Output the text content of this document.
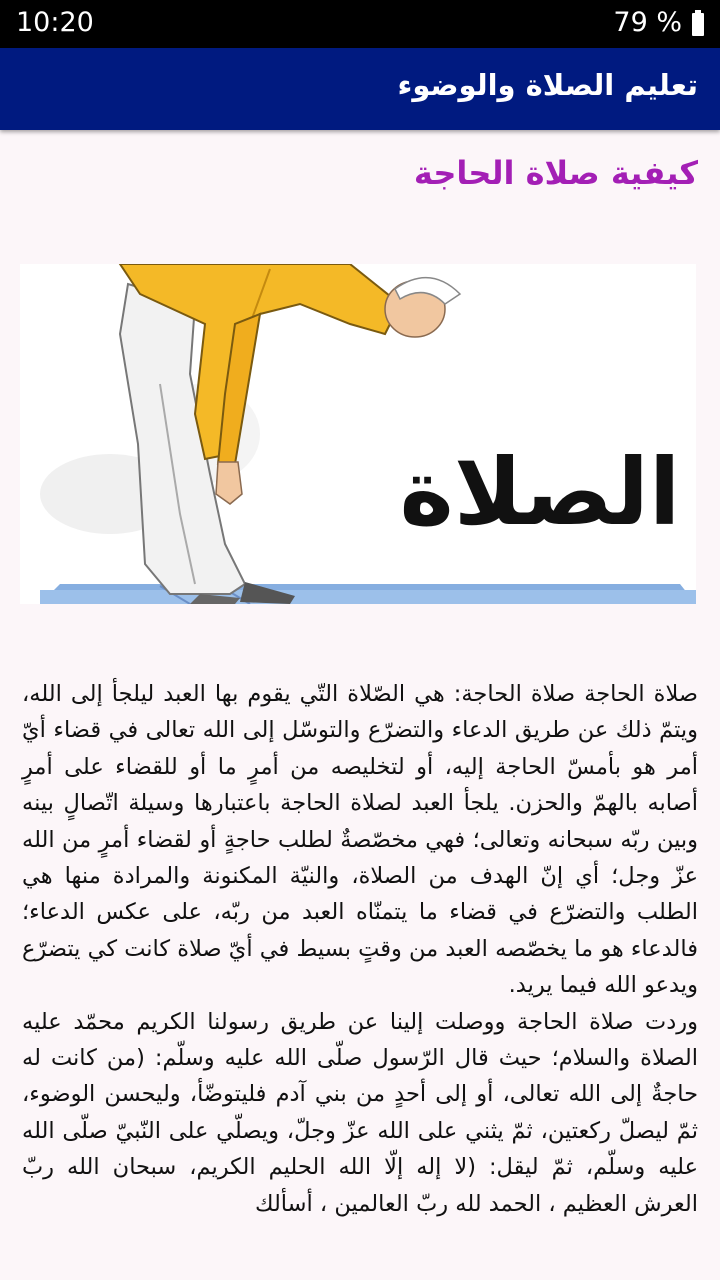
10:20	79 %
تعليم الصلاة والوضوء
كيفية صلاة الحاجة
الصلاة

صلاة الحاجة صلاة الحاجة: هي الصّلاة التّي يقوم بها العبد ليلجأ إلى الله، ويتمّ ذلك عن طريق الدعاء والتضرّع والتوسّل إلى الله تعالى في قضاء أيّ أمر هو بأمسّ الحاجة إليه، أو لتخليصه من أمرٍ ما أو للقضاء على أمرٍ أصابه بالهمّ والحزن. يلجأ العبد لصلاة الحاجة باعتبارها وسيلة اتّصالٍ بينه وبين ربّه سبحانه وتعالى؛ فهي مخصّصةٌ لطلب حاجةٍ أو لقضاء أمرٍ من الله عزّ وجل؛ أي إنّ الهدف من الصلاة، والنيّة المكنونة والمرادة منها هي الطلب والتضرّع في قضاء ما يتمنّاه العبد من ربّه، على عكس الدعاء؛ فالدعاء هو ما يخصّصه العبد من وقتٍ بسيط في أيّ صلاة كانت كي يتضرّع ويدعو الله فيما يريد.

وردت صلاة الحاجة ووصلت إلينا عن طريق رسولنا الكريم محمّد عليه الصلاة والسلام؛ حيث قال الرّسول صلّى الله عليه وسلّم: (من كانت له حاجةٌ إلى الله تعالى، أو إلى أحدٍ من بني آدم فليتوضّأ، وليحسن الوضوء، ثمّ ليصلّ ركعتين، ثمّ يثني على الله عزّ وجلّ، ويصلّي على النّبيّ صلّى الله عليه وسلّم، ثمّ ليقل: (لا إله إلّا الله الحليم الكريم، سبحان الله ربّ العرش العظيم ، الحمد لله ربّ العالمين ، أسألك
